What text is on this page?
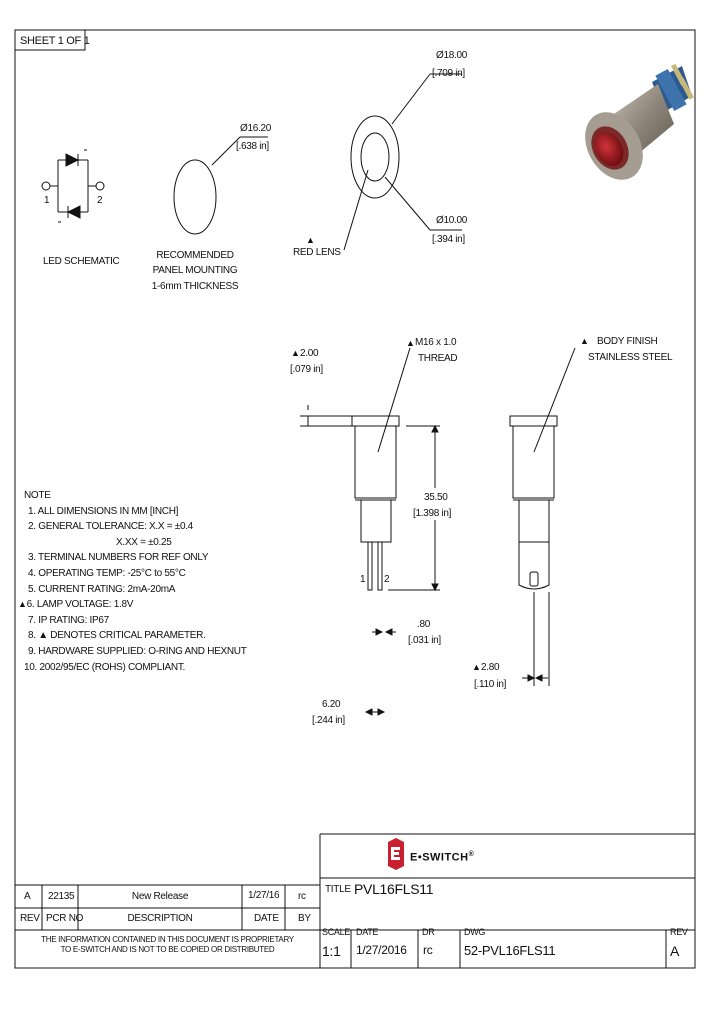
SHEET 1 OF 1
1	2
LED SCHEMATIC
Ø16.20
[.638 in]
RECOMMENDED
PANEL MOUNTING
1-6mm THICKNESS
Ø18.00
[.709 in]
Ø10.00
[.394 in]
▲
RED LENS
▲ 2.00
[.079 in]
▲ M16 x 1.0
THREAD
35.50
[1.398 in]
1 2
.80
[.031 in]
6.20
[.244 in]
▲ BODY FINISH
STAINLESS STEEL
▲ 2.80
[.110 in]
NOTE
1. ALL DIMENSIONS IN MM [INCH]
2. GENERAL TOLERANCE: X.X = ±0.4
X.XX = ±0.25
3. TERMINAL NUMBERS FOR REF ONLY
4. OPERATING TEMP: -25°C to 55°C
5. CURRENT RATING: 2mA-20mA
▲6. LAMP VOLTAGE: 1.8V
7. IP RATING: IP67
8. ▲ DENOTES CRITICAL PARAMETER.
9. HARDWARE SUPPLIED: O-RING AND HEXNUT
10. 2002/95/EC (ROHS) COMPLIANT.
E•SWITCH®
TITLE PVL16FLS11
A 22135	New Release	1/27/16 rc
REV PCR NO	DESCRIPTION	DATE BY
THE INFORMATION CONTAINED IN THIS DOCUMENT IS PROPRIETARY
TO E-SWITCH AND IS NOT TO BE COPIED OR DISTRIBUTED
SCALE
1:1
DATE
1/27/2016
DR
rc
DWG
52-PVL16FLS11
REV
A
